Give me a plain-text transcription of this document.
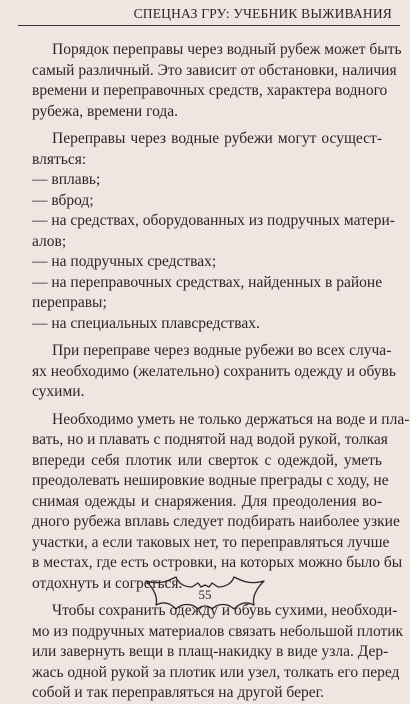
СПЕЦНАЗ ГРУ: УЧЕБНИК ВЫЖИВАНИЯ
Порядок переправы через водный рубеж может быть
самый различный. Это зависит от обстановки, наличия
времени и переправочных средств, характера водного
рубежа, времени года.
Переправы через водные рубежи могут осущест-
вляться:
— вплавь;
— вброд;
— на средствах, оборудованных из подручных матери-
алов;
— на подручных средствах;
— на переправочных средствах, найденных в районе
переправы;
— на специальных плавсредствах.
При переправе через водные рубежи во всех случа-
ях необходимо (желательно) сохранить одежду и обувь
сухими.
Необходимо уметь не только держаться на воде и пла-
вать, но и плавать с поднятой над водой рукой, толкая
впереди себя плотик или сверток с одеждой, уметь
преодолевать нешировкие водные преграды с ходу, не
снимая одежды и снаряжения. Для преодоления во-
дного рубежа вплавь следует подбирать наиболее узкие
участки, а если таковых нет, то переправляться лучше
в местах, где есть островки, на которых можно было бы
отдохнуть и согреться.
Чтобы сохранить одежду и обувь сухими, необходи-
мо из подручных материалов связать небольшой плотик
или завернуть вещи в плащ-накидку в виде узла. Дер-
жась одной рукой за плотик или узел, толкать его перед
собой и так переправляться на другой берег.
55
